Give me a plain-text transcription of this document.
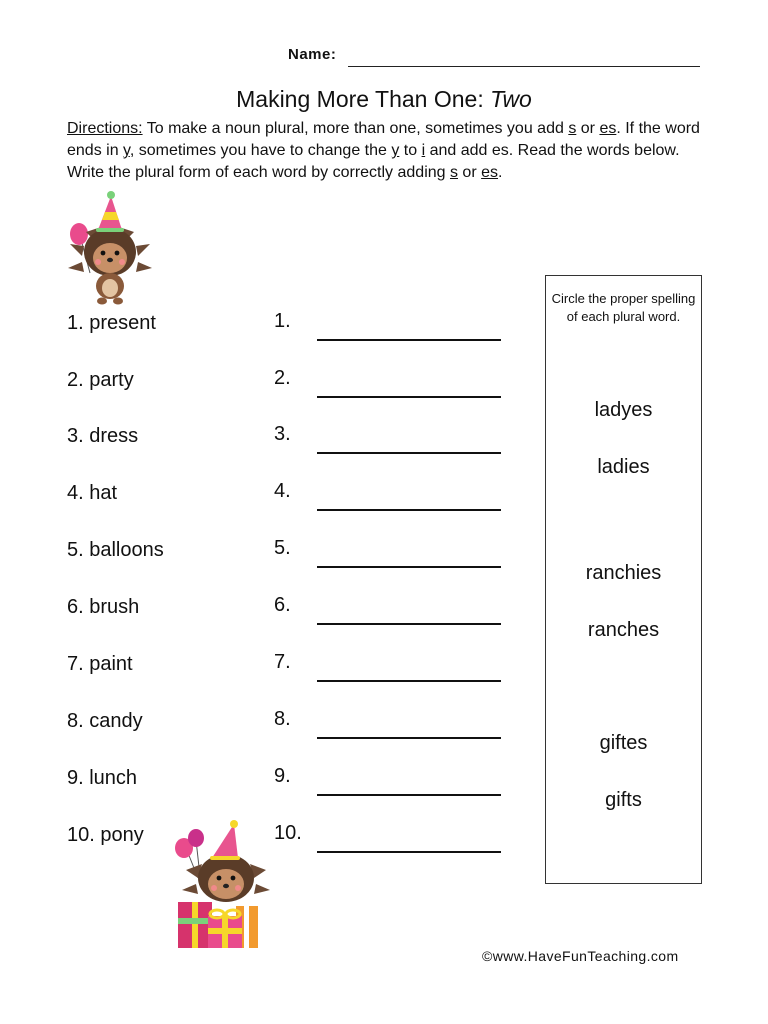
Name:
Making More Than One: Two
Directions: To make a noun plural, more than one, sometimes you add s or es. If the word ends in y, sometimes you have to change the y to i and add es. Read the words below. Write the plural form of each word by correctly adding s or es.
1. present
2. party
3. dress
4. hat
5. balloons
6. brush
7. paint
8. candy
9. lunch
10. pony
1.
2.
3.
4.
5.
6.
7.
8.
9.
10.
Circle the proper spelling of each plural word.
ladyes
ladies
ranchies
ranches
giftes
gifts
©www.HaveFunTeaching.com
